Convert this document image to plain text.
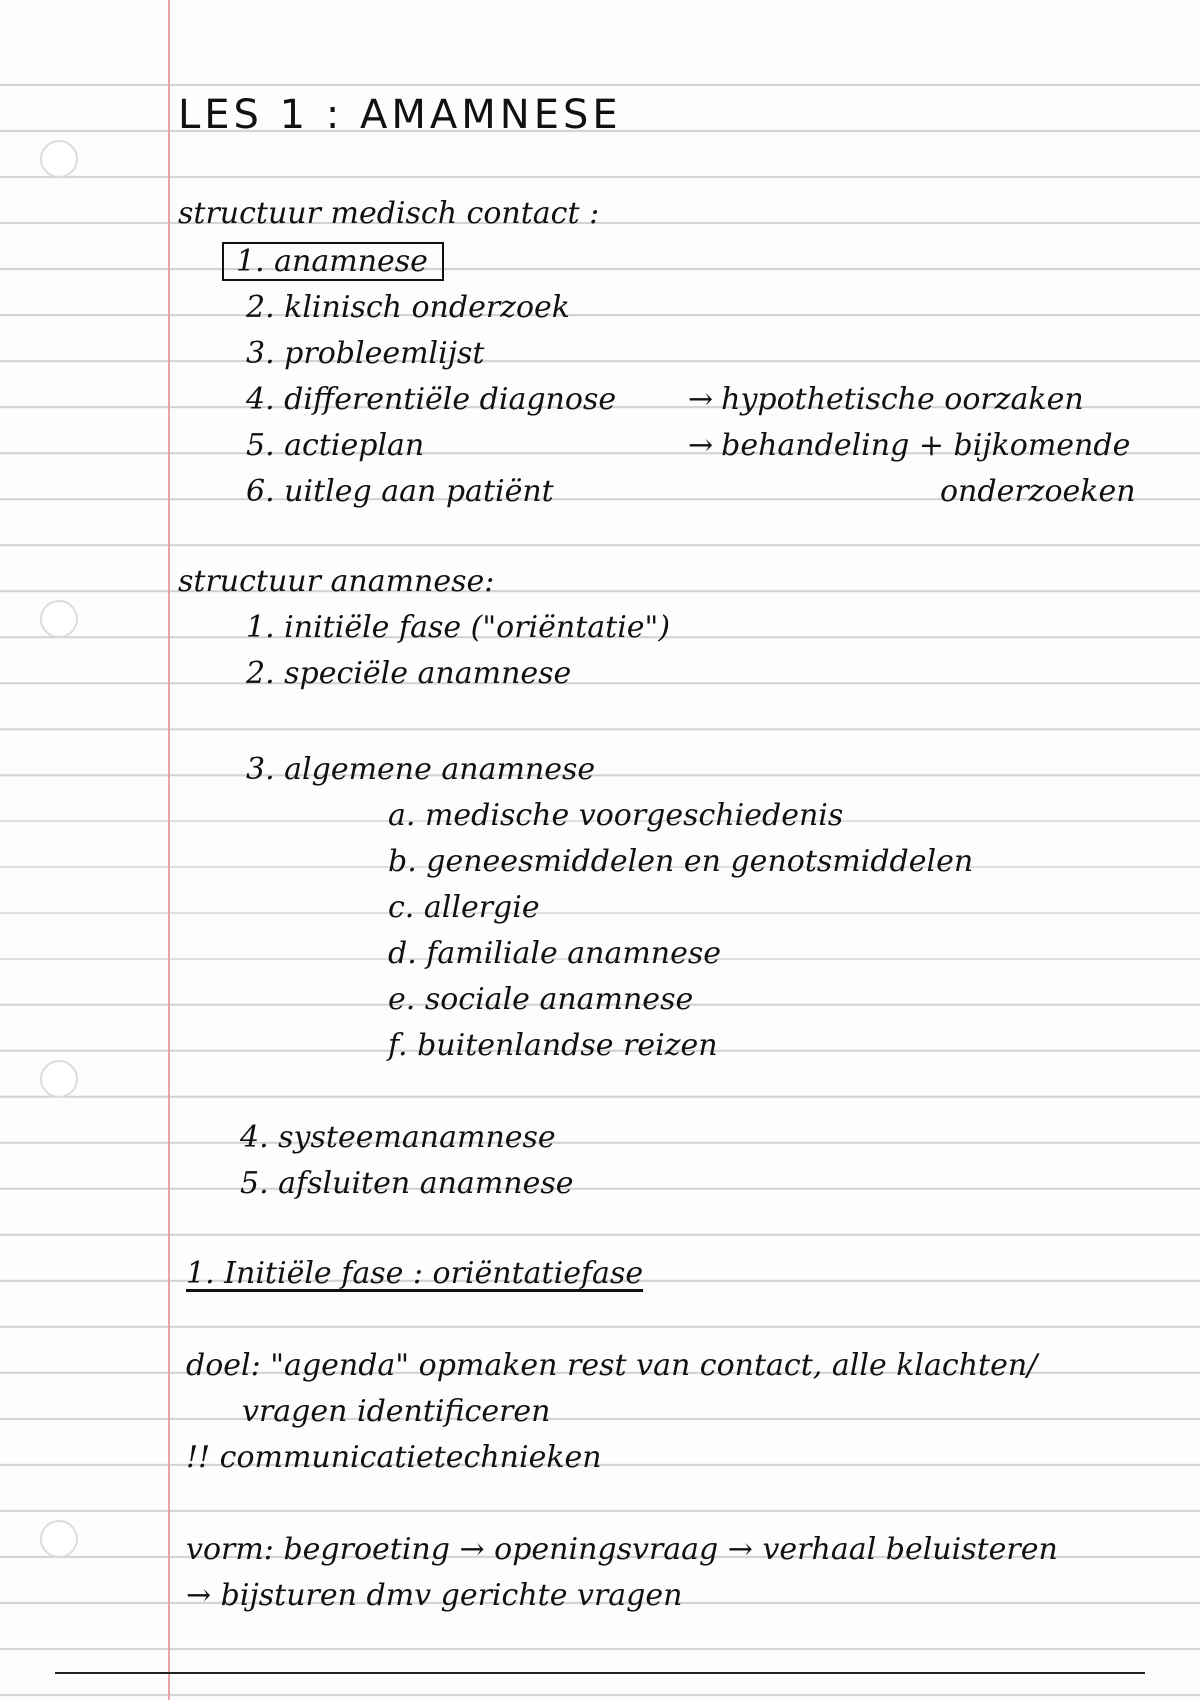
LES 1 : AMAMNESE
structuur medisch contact :
1. anamnese
2. klinisch onderzoek
3. probleemlijst
4. differentiële diagnose
5. actieplan
6. uitleg aan patiënt
→ hypothetische oorzaken
→ behandeling + bijkomende
onderzoeken
structuur anamnese:
1. initiële fase ("oriëntatie")
2. speciële anamnese
3. algemene anamnese
a. medische voorgeschiedenis
b. geneesmiddelen en genotsmiddelen
c. allergie
d. familiale anamnese
e. sociale anamnese
f. buitenlandse reizen
4. systeemanamnese
5. afsluiten anamnese
1. Initiële fase : oriëntatiefase
doel: "agenda" opmaken rest van contact, alle klachten/
vragen identificeren
!! communicatietechnieken
vorm: begroeting → openingsvraag → verhaal beluisteren
→ bijsturen dmv gerichte vragen
